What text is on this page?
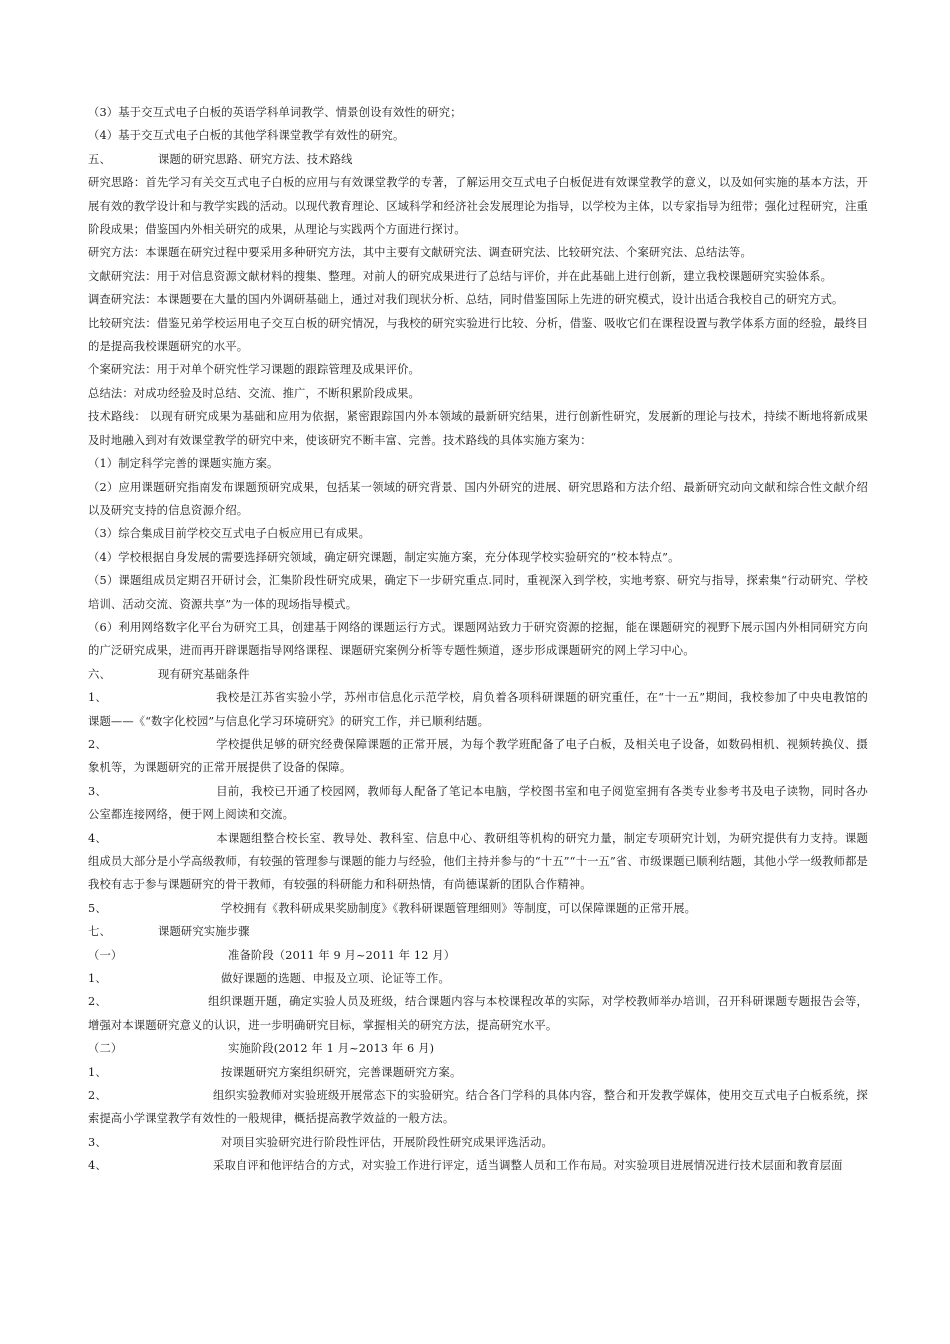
（3）基于交互式电子白板的英语学科单词教学、情景创设有效性的研究；

（4）基于交互式电子白板的其他学科课堂教学有效性的研究。

五、	课题的研究思路、研究方法、技术路线

研究思路：首先学习有关交互式电子白板的应用与有效课堂教学的专著，了解运用交互式电子白板促进有效课堂教学的意义，以及如何实施的基本方法，开展有效的教学设计和与教学实践的活动。以现代教育理论、区域科学和经济社会发展理论为指导，以学校为主体，以专家指导为纽带；强化过程研究，注重阶段成果；借鉴国内外相关研究的成果，从理论与实践两个方面进行探讨。

研究方法：本课题在研究过程中要采用多种研究方法，其中主要有文献研究法、调查研究法、比较研究法、个案研究法、总结法等。

文献研究法：用于对信息资源文献材料的搜集、整理。对前人的研究成果进行了总结与评价，并在此基础上进行创新，建立我校课题研究实验体系。

调查研究法：本课题要在大量的国内外调研基础上，通过对我们现状分析、总结，同时借鉴国际上先进的研究模式，设计出适合我校自己的研究方式。

比较研究法：借鉴兄弟学校运用电子交互白板的研究情况，与我校的研究实验进行比较、分析，借鉴、吸收它们在课程设置与教学体系方面的经验，最终目的是提高我校课题研究的水平。

个案研究法：用于对单个研究性学习课题的跟踪管理及成果评价。

总结法：对成功经验及时总结、交流、推广，不断积累阶段成果。

技术路线： 以现有研究成果为基础和应用为依据，紧密跟踪国内外本领域的最新研究结果，进行创新性研究，发展新的理论与技术，持续不断地将新成果及时地融入到对有效课堂教学的研究中来，使该研究不断丰富、完善。技术路线的具体实施方案为：

（1）制定科学完善的课题实施方案。

（2）应用课题研究指南发布课题预研究成果，包括某一领域的研究背景、国内外研究的进展、研究思路和方法介绍、最新研究动向文献和综合性文献介绍以及研究支持的信息资源介绍。

（3）综合集成目前学校交互式电子白板应用已有成果。

（4）学校根据自身发展的需要选择研究领域，确定研究课题，制定实施方案，充分体现学校实验研究的“校本特点”。

（5）课题组成员定期召开研讨会，汇集阶段性研究成果，确定下一步研究重点.同时，重视深入到学校，实地考察、研究与指导，探索集“行动研究、学校培训、活动交流、资源共享”为一体的现场指导模式。

（6）利用网络数字化平台为研究工具，创建基于网络的课题运行方式。课题网站致力于研究资源的挖掘，能在课题研究的视野下展示国内外相同研究方向的广泛研究成果，进而再开辟课题指导网络课程、课题研究案例分析等专题性频道，逐步形成课题研究的网上学习中心。

六、	现有研究基础条件

1、	我校是江苏省实验小学，苏州市信息化示范学校，肩负着各项科研课题的研究重任，在“十一五”期间，我校参加了中央电教馆的课题——《“数字化校园”与信息化学习环境研究》的研究工作，并已顺利结题。

2、	学校提供足够的研究经费保障课题的正常开展，为每个教学班配备了电子白板，及相关电子设备，如数码相机、视频转换仪、摄象机等，为课题研究的正常开展提供了设备的保障。

3、	目前，我校已开通了校园网，教师每人配备了笔记本电脑，学校图书室和电子阅览室拥有各类专业参考书及电子读物，同时各办公室都连接网络，便于网上阅读和交流。

4、	本课题组整合校长室、教导处、教科室、信息中心、教研组等机构的研究力量，制定专项研究计划，为研究提供有力支持。课题组成员大部分是小学高级教师，有较强的管理参与课题的能力与经验，他们主持并参与的“十五”“十一五”省、市级课题已顺利结题，其他小学一级教师都是我校有志于参与课题研究的骨干教师，有较强的科研能力和科研热情，有尚德谋新的团队合作精神。

5、	学校拥有《教科研成果奖励制度》《教科研课题管理细则》等制度，可以保障课题的正常开展。

七、	课题研究实施步骤
（一）	准备阶段（2011 年 9 月~2011 年 12 月）

1、	做好课题的选题、申报及立项、论证等工作。

2、	组织课题开题，确定实验人员及班级，结合课题内容与本校课程改革的实际，对学校教师举办培训，召开科研课题专题报告会等，增强对本课题研究意义的认识，进一步明确研究目标，掌握相关的研究方法，提高研究水平。

（二）	实施阶段(2012 年 1 月~2013 年 6 月)

1、	按课题研究方案组织研究，完善课题研究方案。

2、	组织实验教师对实验班级开展常态下的实验研究。结合各门学科的具体内容，整合和开发教学媒体，使用交互式电子白板系统，探索提高小学课堂教学有效性的一般规律，概括提高教学效益的一般方法。

3、	对项目实验研究进行阶段性评估，开展阶段性研究成果评选活动。

4、	采取自评和他评结合的方式，对实验工作进行评定，适当调整人员和工作布局。对实验项目进展情况进行技术层面和教育层面
